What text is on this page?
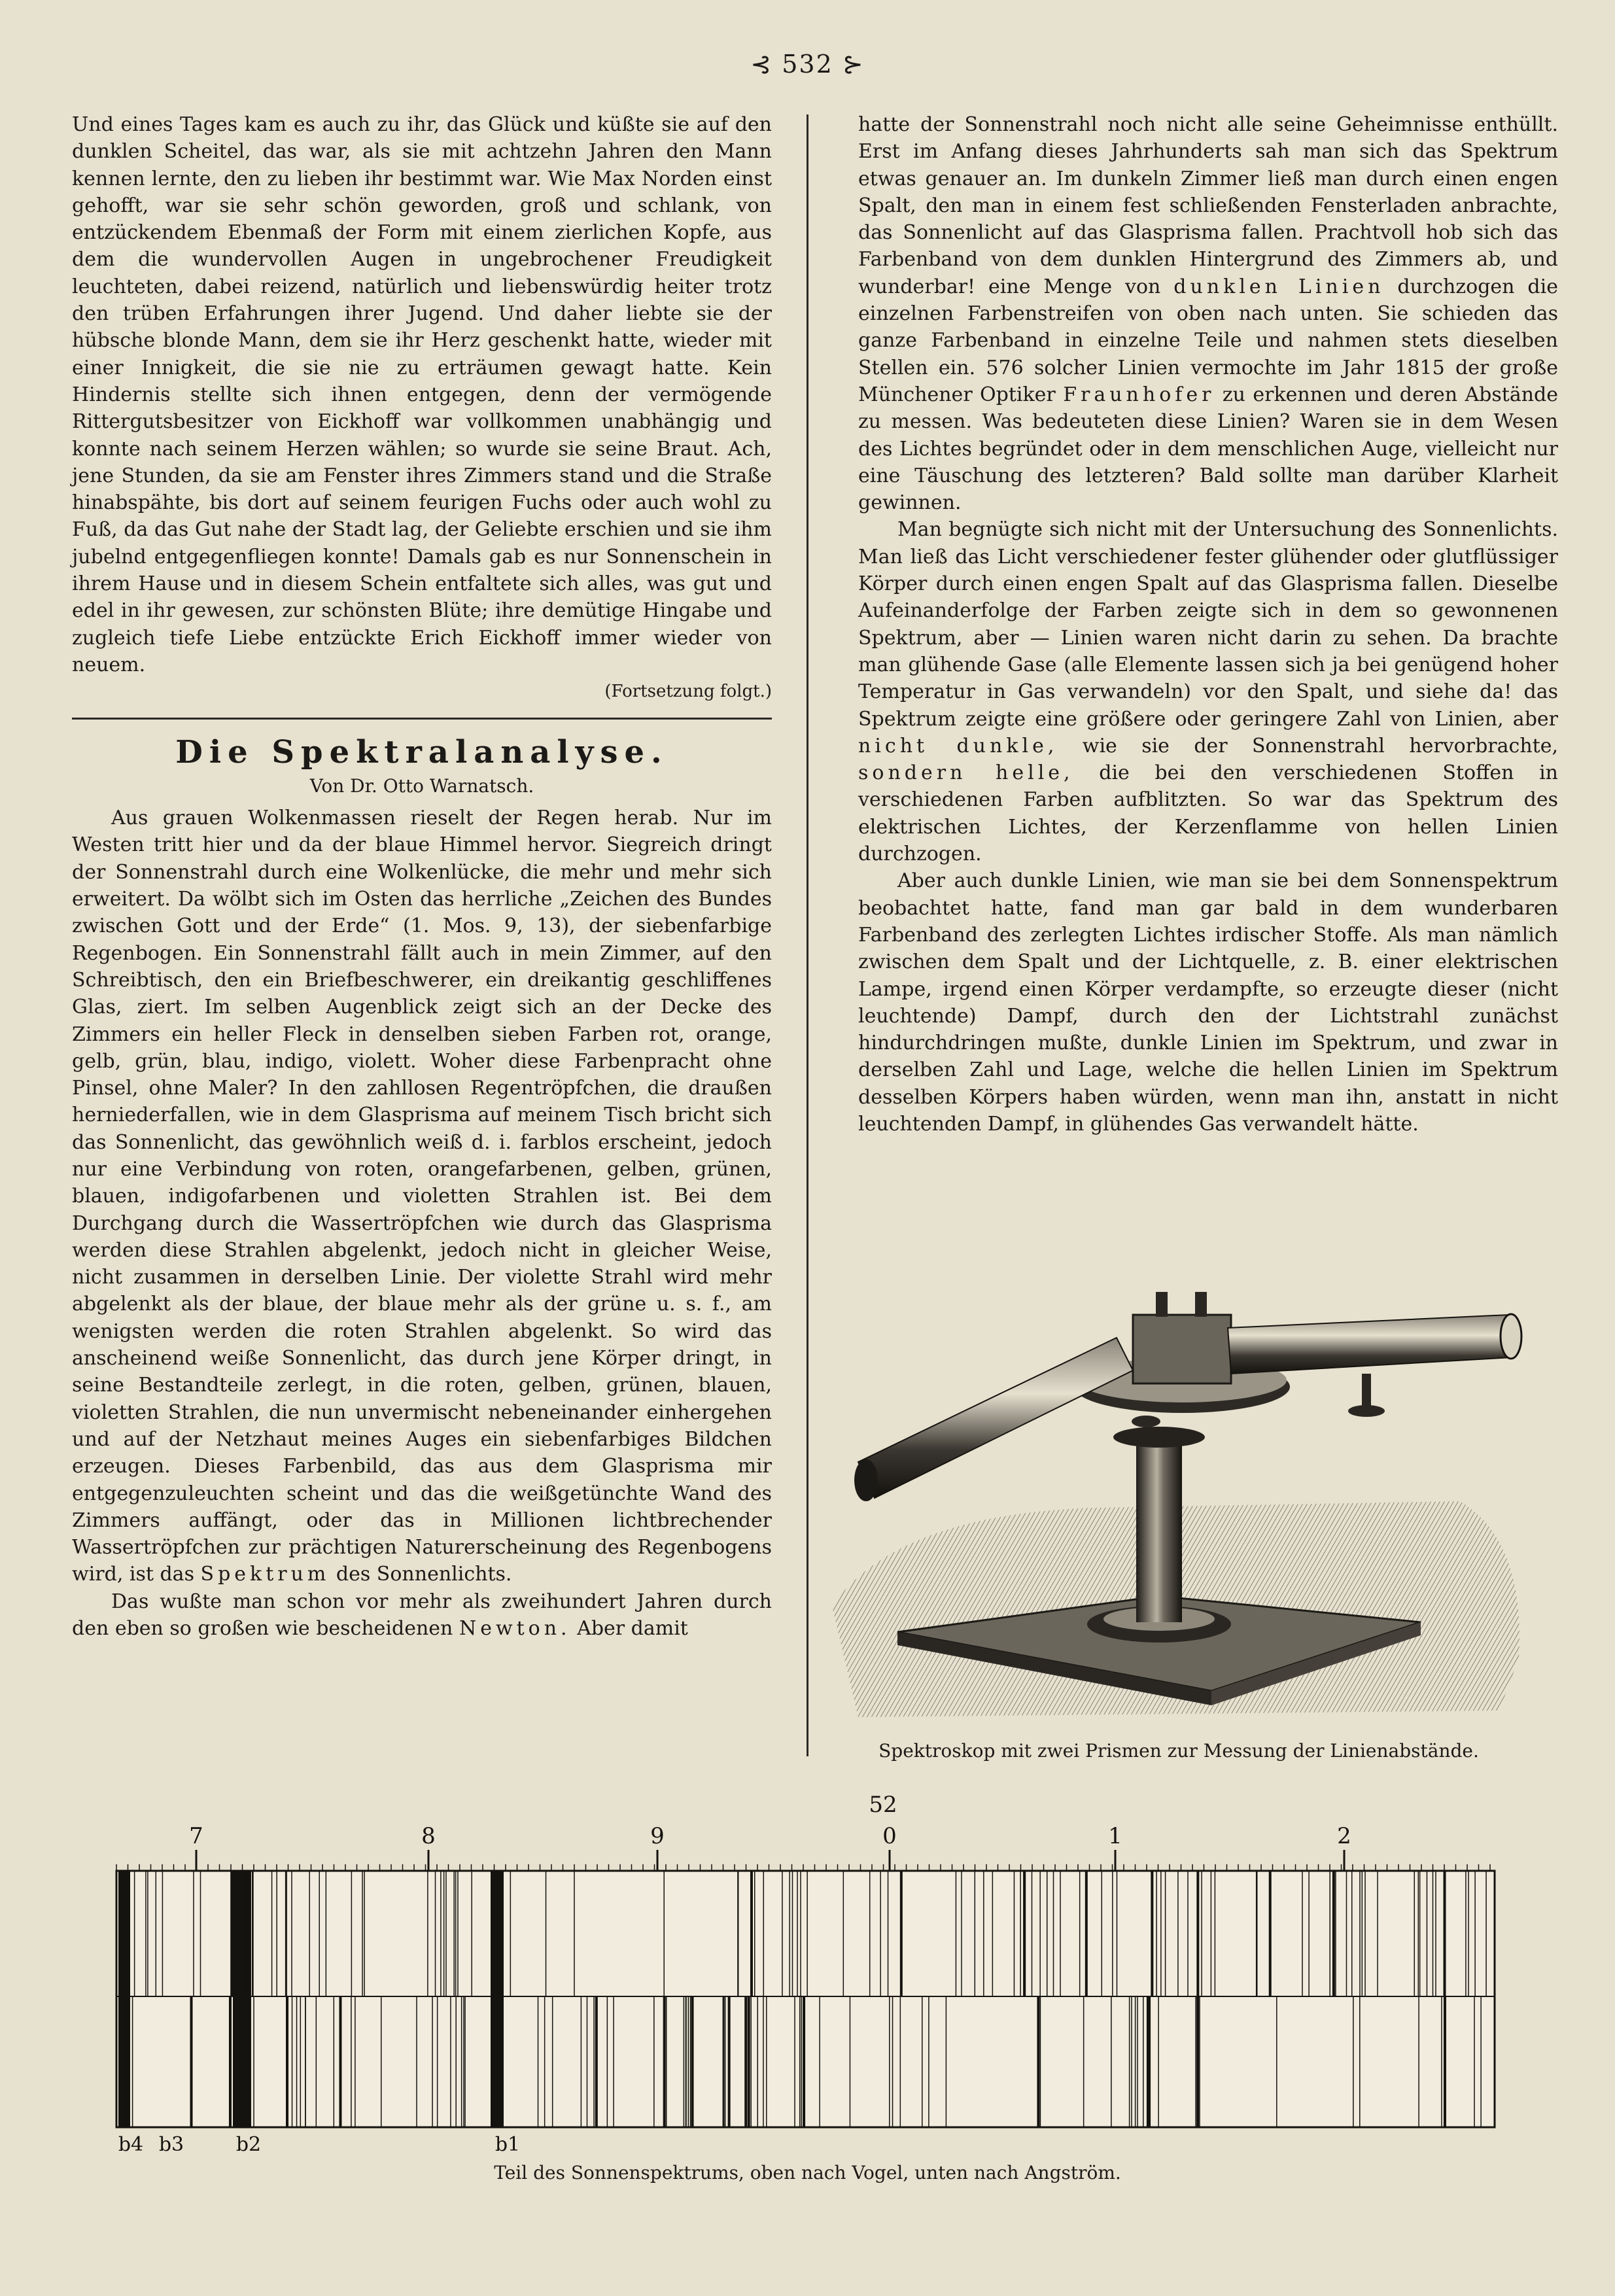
⊰ 532 ⊱

Und eines Tages kam es auch zu ihr, das Glück und küßte sie auf den dunklen Scheitel, das war, als sie mit achtzehn Jahren den Mann kennen lernte, den zu lieben ihr bestimmt war. Wie Max Norden einst gehofft, war sie sehr schön geworden, groß und schlank, von entzückendem Ebenmaß der Form mit einem zierlichen Kopfe, aus dem die wundervollen Augen in ungebrochener Freudigkeit leuchteten, dabei reizend, natürlich und liebenswürdig heiter trotz den trüben Erfahrungen ihrer Jugend. Und daher liebte sie der hübsche blonde Mann, dem sie ihr Herz geschenkt hatte, wieder mit einer Innigkeit, die sie nie zu erträumen gewagt hatte. Kein Hindernis stellte sich ihnen entgegen, denn der vermögende Rittergutsbesitzer von Eickhoff war vollkommen unabhängig und konnte nach seinem Herzen wählen; so wurde sie seine Braut. Ach, jene Stunden, da sie am Fenster ihres Zimmers stand und die Straße hinabspähte, bis dort auf seinem feurigen Fuchs oder auch wohl zu Fuß, da das Gut nahe der Stadt lag, der Geliebte erschien und sie ihm jubelnd entgegenfliegen konnte! Damals gab es nur Sonnenschein in ihrem Hause und in diesem Schein entfaltete sich alles, was gut und edel in ihr gewesen, zur schönsten Blüte; ihre demütige Hingabe und zugleich tiefe Liebe entzückte Erich Eickhoff immer wieder von neuem.

(Fortsetzung folgt.)
Die Spektralanalyse.
Von Dr. Otto Warnatsch.

Aus grauen Wolkenmassen rieselt der Regen herab. Nur im Westen tritt hier und da der blaue Himmel hervor. Siegreich dringt der Sonnenstrahl durch eine Wolkenlücke, die mehr und mehr sich erweitert. Da wölbt sich im Osten das herrliche „Zeichen des Bundes zwischen Gott und der Erde“ (1. Mos. 9, 13), der siebenfarbige Regenbogen. Ein Sonnenstrahl fällt auch in mein Zimmer, auf den Schreibtisch, den ein Briefbeschwerer, ein dreikantig geschliffenes Glas, ziert. Im selben Augenblick zeigt sich an der Decke des Zimmers ein heller Fleck in denselben sieben Farben rot, orange, gelb, grün, blau, indigo, violett. Woher diese Farbenpracht ohne Pinsel, ohne Maler? In den zahllosen Regentröpfchen, die draußen herniederfallen, wie in dem Glasprisma auf meinem Tisch bricht sich das Sonnenlicht, das gewöhnlich weiß d. i. farblos erscheint, jedoch nur eine Verbindung von roten, orangefarbenen, gelben, grünen, blauen, indigofarbenen und violetten Strahlen ist. Bei dem Durchgang durch die Wassertröpfchen wie durch das Glasprisma werden diese Strahlen abgelenkt, jedoch nicht in gleicher Weise, nicht zusammen in derselben Linie. Der violette Strahl wird mehr abgelenkt als der blaue, der blaue mehr als der grüne u. s. f., am wenigsten werden die roten Strahlen abgelenkt. So wird das anscheinend weiße Sonnenlicht, das durch jene Körper dringt, in seine Bestandteile zerlegt, in die roten, gelben, grünen, blauen, violetten Strahlen, die nun unvermischt nebeneinander einhergehen und auf der Netzhaut meines Auges ein siebenfarbiges Bildchen erzeugen. Dieses Farbenbild, das aus dem Glasprisma mir entgegenzuleuchten scheint und das die weißgetünchte Wand des Zimmers auffängt, oder das in Millionen lichtbrechender Wassertröpfchen zur prächtigen Naturerscheinung des Regenbogens wird, ist das Spektrum des Sonnenlichts.

Das wußte man schon vor mehr als zweihundert Jahren durch den eben so großen wie bescheidenen Newton. Aber damit

hatte der Sonnenstrahl noch nicht alle seine Geheimnisse enthüllt. Erst im Anfang dieses Jahrhunderts sah man sich das Spektrum etwas genauer an. Im dunkeln Zimmer ließ man durch einen engen Spalt, den man in einem fest schließenden Fensterladen anbrachte, das Sonnenlicht auf das Glasprisma fallen. Prachtvoll hob sich das Farbenband von dem dunklen Hintergrund des Zimmers ab, und wunderbar! eine Menge von dunklen Linien durchzogen die einzelnen Farbenstreifen von oben nach unten. Sie schieden das ganze Farbenband in einzelne Teile und nahmen stets dieselben Stellen ein. 576 solcher Linien vermochte im Jahr 1815 der große Münchener Optiker Fraunhofer zu erkennen und deren Abstände zu messen. Was bedeuteten diese Linien? Waren sie in dem Wesen des Lichtes begründet oder in dem menschlichen Auge, vielleicht nur eine Täuschung des letzteren? Bald sollte man darüber Klarheit gewinnen.

Man begnügte sich nicht mit der Untersuchung des Sonnenlichts. Man ließ das Licht verschiedener fester glühender oder glutflüssiger Körper durch einen engen Spalt auf das Glasprisma fallen. Dieselbe Aufeinanderfolge der Farben zeigte sich in dem so gewonnenen Spektrum, aber — Linien waren nicht darin zu sehen. Da brachte man glühende Gase (alle Elemente lassen sich ja bei genügend hoher Temperatur in Gas verwandeln) vor den Spalt, und siehe da! das Spektrum zeigte eine größere oder geringere Zahl von Linien, aber nicht dunkle, wie sie der Sonnenstrahl hervorbrachte, sondern helle, die bei den verschiedenen Stoffen in verschiedenen Farben aufblitzten. So war das Spektrum des elektrischen Lichtes, der Kerzenflamme von hellen Linien durchzogen.

Aber auch dunkle Linien, wie man sie bei dem Sonnenspektrum beobachtet hatte, fand man gar bald in dem wunderbaren Farbenband des zerlegten Lichtes irdischer Stoffe. Als man nämlich zwischen dem Spalt und der Lichtquelle, z. B. einer elektrischen Lampe, irgend einen Körper verdampfte, so erzeugte dieser (nicht leuchtende) Dampf, durch den der Lichtstrahl zunächst hindurchdringen mußte, dunkle Linien im Spektrum, und zwar in derselben Zahl und Lage, welche die hellen Linien im Spektrum desselben Körpers haben würden, wenn man ihn, anstatt in nicht leuchtenden Dampf, in glühendes Gas verwandelt hätte.

Spektroskop mit zwei Prismen zur Messung der Linienabstände.
7	8	9
52
0	1	2
b4 b3	b2	b1
Teil des Sonnenspektrums, oben nach Vogel, unten nach Angström.
